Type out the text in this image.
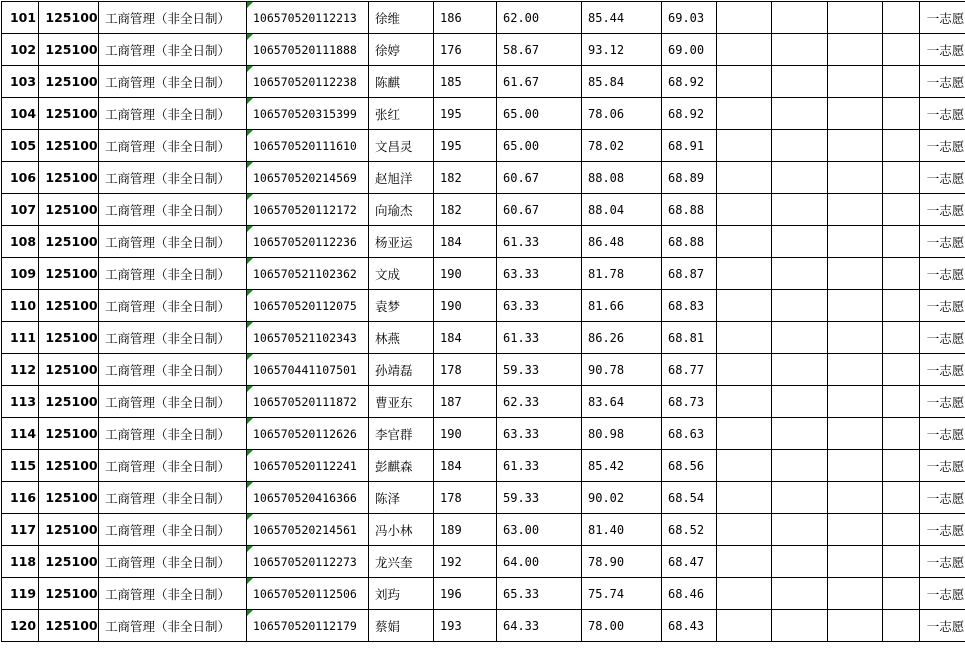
101	125100	工商管理（非全日制）	106570520112213	徐维	186	62.00	85.44	69.03					一志愿
102	125100	工商管理（非全日制）	106570520111888	徐婷	176	58.67	93.12	69.00					一志愿
103	125100	工商管理（非全日制）	106570520112238	陈麒	185	61.67	85.84	68.92					一志愿
104	125100	工商管理（非全日制）	106570520315399	张红	195	65.00	78.06	68.92					一志愿
105	125100	工商管理（非全日制）	106570520111610	文昌灵	195	65.00	78.02	68.91					一志愿
106	125100	工商管理（非全日制）	106570520214569	赵旭洋	182	60.67	88.08	68.89					一志愿
107	125100	工商管理（非全日制）	106570520112172	向瑜杰	182	60.67	88.04	68.88					一志愿
108	125100	工商管理（非全日制）	106570520112236	杨亚运	184	61.33	86.48	68.88					一志愿
109	125100	工商管理（非全日制）	106570521102362	文成	190	63.33	81.78	68.87					一志愿
110	125100	工商管理（非全日制）	106570520112075	袁梦	190	63.33	81.66	68.83					一志愿
111	125100	工商管理（非全日制）	106570521102343	林燕	184	61.33	86.26	68.81					一志愿
112	125100	工商管理（非全日制）	106570441107501	孙靖磊	178	59.33	90.78	68.77					一志愿
113	125100	工商管理（非全日制）	106570520111872	曹亚东	187	62.33	83.64	68.73					一志愿
114	125100	工商管理（非全日制）	106570520112626	李官群	190	63.33	80.98	68.63					一志愿
115	125100	工商管理（非全日制）	106570520112241	彭麒森	184	61.33	85.42	68.56					一志愿
116	125100	工商管理（非全日制）	106570520416366	陈泽	178	59.33	90.02	68.54					一志愿
117	125100	工商管理（非全日制）	106570520214561	冯小林	189	63.00	81.40	68.52					一志愿
118	125100	工商管理（非全日制）	106570520112273	龙兴奎	192	64.00	78.90	68.47					一志愿
119	125100	工商管理（非全日制）	106570520112506	刘玙	196	65.33	75.74	68.46					一志愿
120	125100	工商管理（非全日制）	106570520112179	蔡娟	193	64.33	78.00	68.43					一志愿
